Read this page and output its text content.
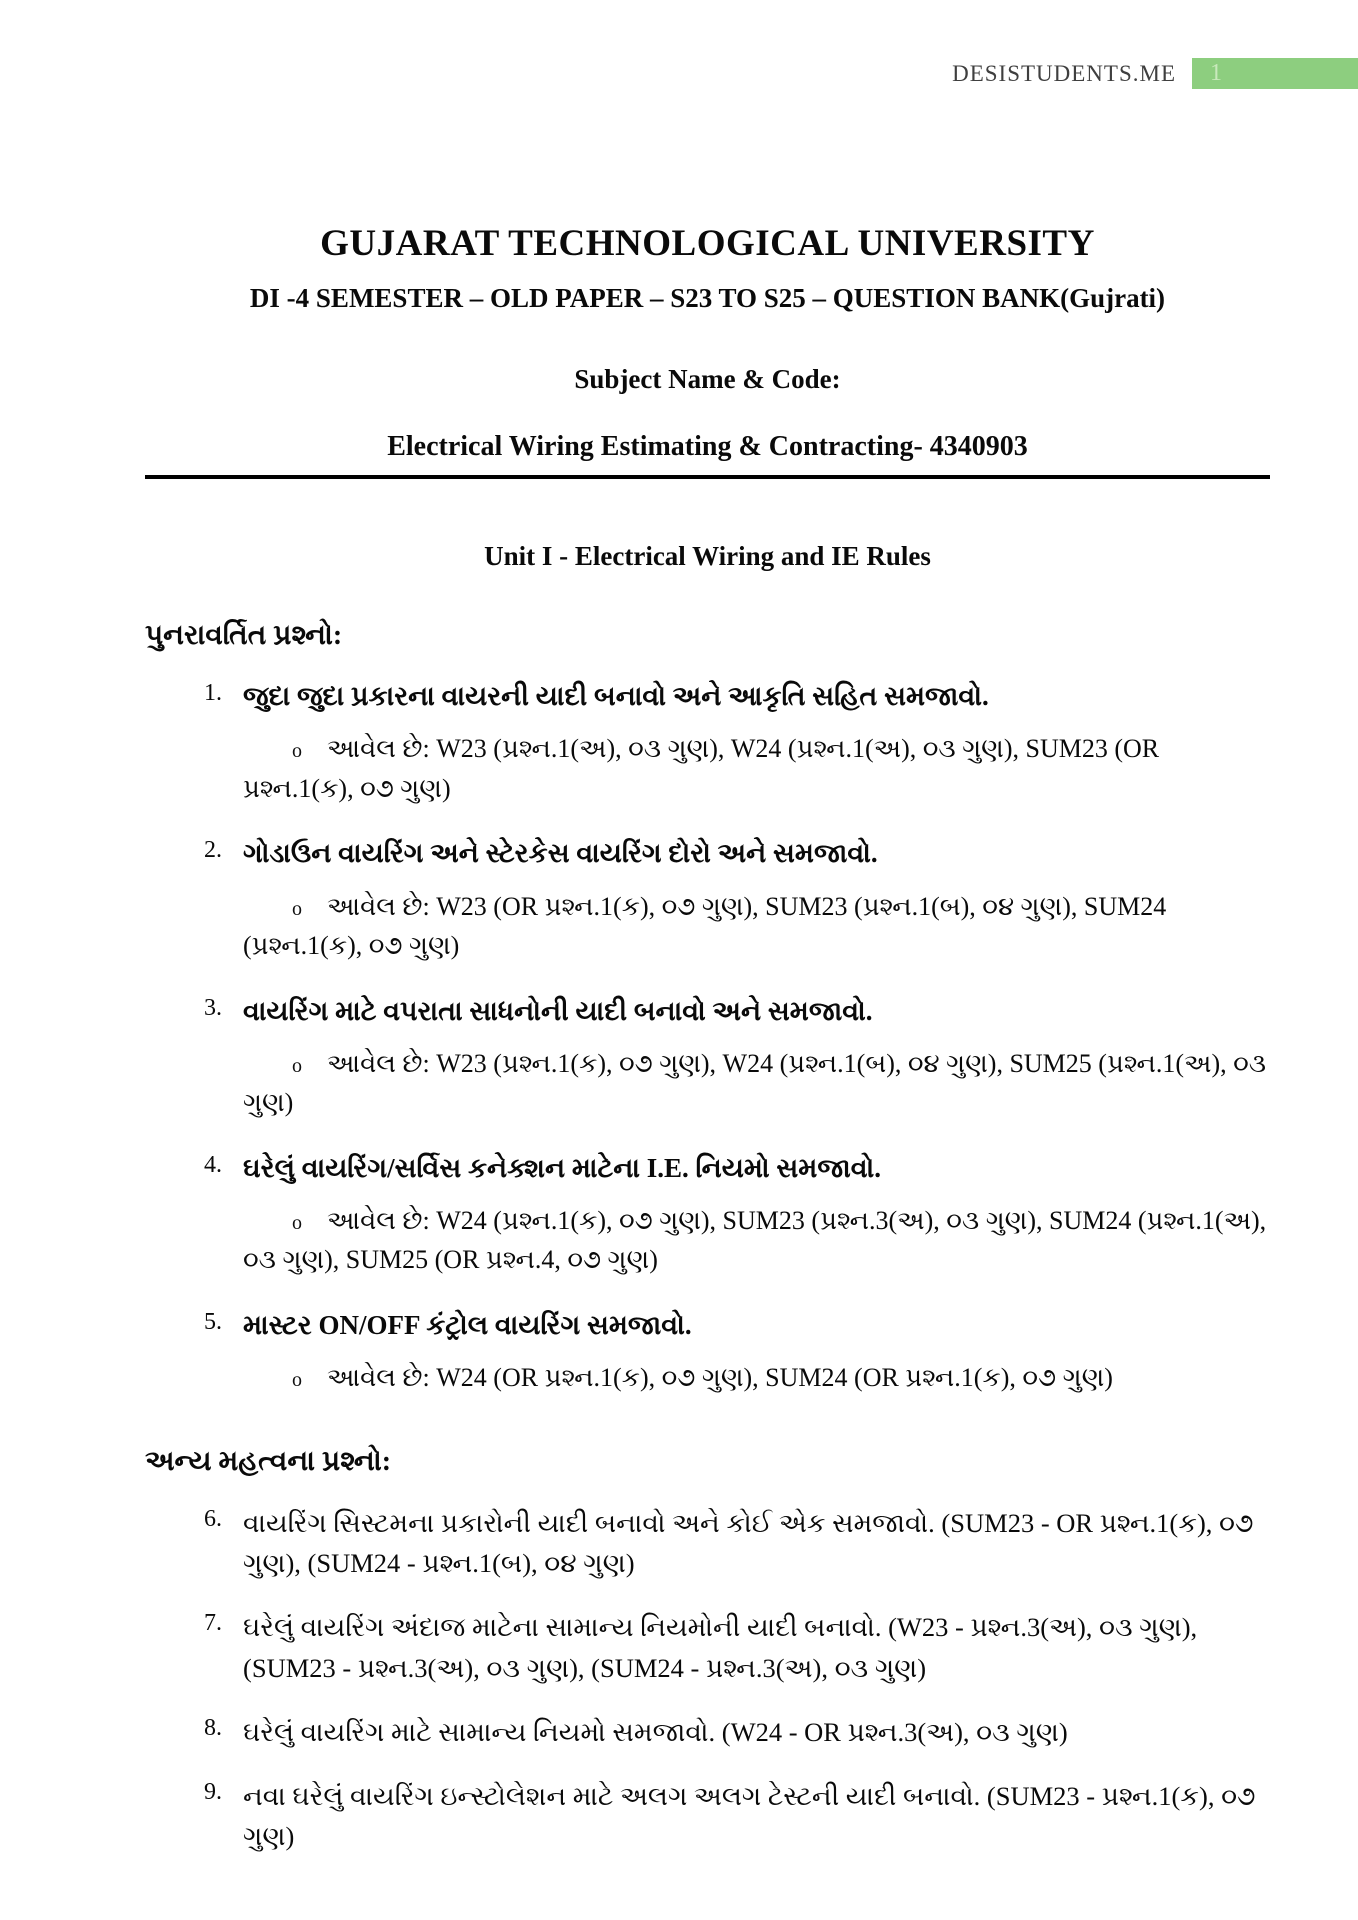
DESISTUDENTS.ME	1
GUJARAT TECHNOLOGICAL UNIVERSITY
DI -4 SEMESTER – OLD PAPER – S23 TO S25 – QUESTION BANK(Gujrati)
Subject Name & Code:
Electrical Wiring Estimating & Contracting- 4340903
Unit I - Electrical Wiring and IE Rules
પુનરાવર્તિત પ્રશ્નો:
1. જુદા જુદા પ્રકારના વાયરની યાદી બનાવો અને આકૃતિ સહિત સમજાવો.
o આવેલ છે: W23 (પ્રશ્ન.1(અ), ૦૩ ગુણ), W24 (પ્રશ્ન.1(અ), ૦૩ ગુણ), SUM23 (OR પ્રશ્ન.1(ક), ૦૭ ગુણ)
2. ગોડાઉન વાયરિંગ અને સ્ટેરકેસ વાયરિંગ દોરો અને સમજાવો.
o આવેલ છે: W23 (OR પ્રશ્ન.1(ક), ૦૭ ગુણ), SUM23 (પ્રશ્ન.1(બ), ૦૪ ગુણ), SUM24 (પ્રશ્ન.1(ક), ૦૭ ગુણ)
3. વાયરિંગ માટે વપરાતા સાધનોની યાદી બનાવો અને સમજાવો.
o આવેલ છે: W23 (પ્રશ્ન.1(ક), ૦૭ ગુણ), W24 (પ્રશ્ન.1(બ), ૦૪ ગુણ), SUM25 (પ્રશ્ન.1(અ), ૦૩ ગુણ)
4. ઘરેલું વાયરિંગ/સર્વિસ કનેક્શન માટેના I.E. નિયમો સમજાવો.
o આવેલ છે: W24 (પ્રશ્ન.1(ક), ૦૭ ગુણ), SUM23 (પ્રશ્ન.3(અ), ૦૩ ગુણ), SUM24 (પ્રશ્ન.1(અ), ૦૩ ગુણ), SUM25 (OR પ્રશ્ન.4, ૦૭ ગુણ)
5. માસ્ટર ON/OFF કંટ્રોલ વાયરિંગ સમજાવો.
o આવેલ છે: W24 (OR પ્રશ્ન.1(ક), ૦૭ ગુણ), SUM24 (OR પ્રશ્ન.1(ક), ૦૭ ગુણ)
અન્ય મહત્વના પ્રશ્નો:
6. વાયરિંગ સિસ્ટમના પ્રકારોની યાદી બનાવો અને કોઈ એક સમજાવો. (SUM23 - OR પ્રશ્ન.1(ક), ૦૭ ગુણ), (SUM24 - પ્રશ્ન.1(બ), ૦૪ ગુણ)
7. ઘરેલું વાયરિંગ અંદાજ માટેના સામાન્ય નિયમોની યાદી બનાવો. (W23 - પ્રશ્ન.3(અ), ૦૩ ગુણ), (SUM23 - પ્રશ્ન.3(અ), ૦૩ ગુણ), (SUM24 - પ્રશ્ન.3(અ), ૦૩ ગુણ)
8. ઘરેલું વાયરિંગ માટે સામાન્ય નિયમો સમજાવો. (W24 - OR પ્રશ્ન.3(અ), ૦૩ ગુણ)
9. નવા ઘરેલું વાયરિંગ ઇન્સ્ટોલેશન માટે અલગ અલગ ટેસ્ટની યાદી બનાવો. (SUM23 - પ્રશ્ન.1(ક), ૦૭ ગુણ)
